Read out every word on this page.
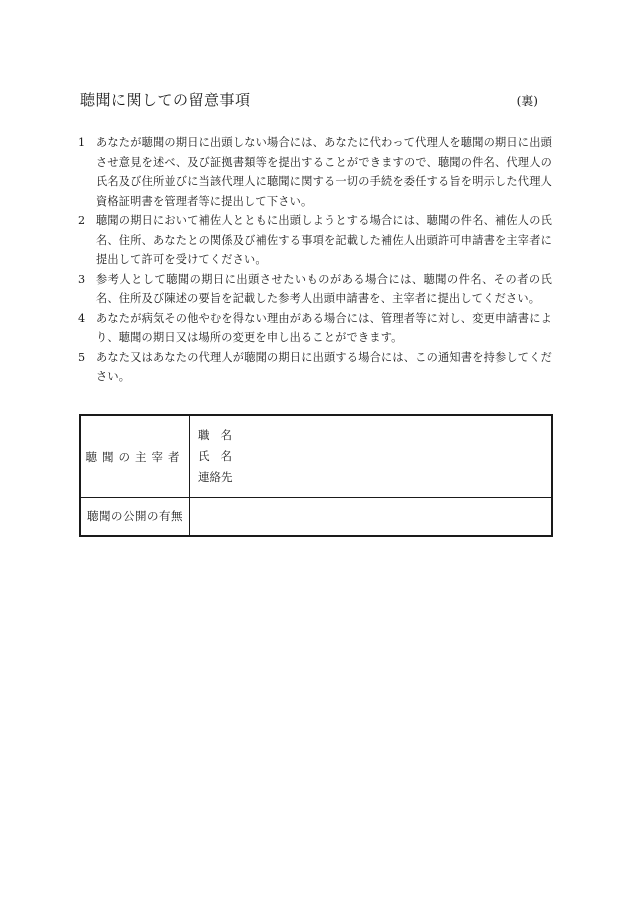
聴聞に関しての留意事項	(裏)
1 あなたが聴聞の期日に出頭しない場合には、あなたに代わって代理人を聴聞の期日に出頭させ意見を述べ、及び証拠書類等を提出することができますので、聴聞の件名、代理人の氏名及び住所並びに当該代理人に聴聞に関する一切の手続を委任する旨を明示した代理人資格証明書を管理者等に提出して下さい。
2 聴聞の期日において補佐人とともに出頭しようとする場合には、聴聞の件名、補佐人の氏名、住所、あなたとの関係及び補佐する事項を記載した補佐人出頭許可申請書を主宰者に提出して許可を受けてください。
3 参考人として聴聞の期日に出頭させたいものがある場合には、聴聞の件名、その者の氏名、住所及び陳述の要旨を記載した参考人出頭申請書を、主宰者に提出してください。
4 あなたが病気その他やむを得ない理由がある場合には、管理者等に対し、変更申請書により、聴聞の期日又は場所の変更を申し出ることができます。
5 あなた又はあなたの代理人が聴聞の期日に出頭する場合には、この通知書を持参してください。
聴聞の主宰者	職名
氏名
連絡先

聴聞の公開の有無	
